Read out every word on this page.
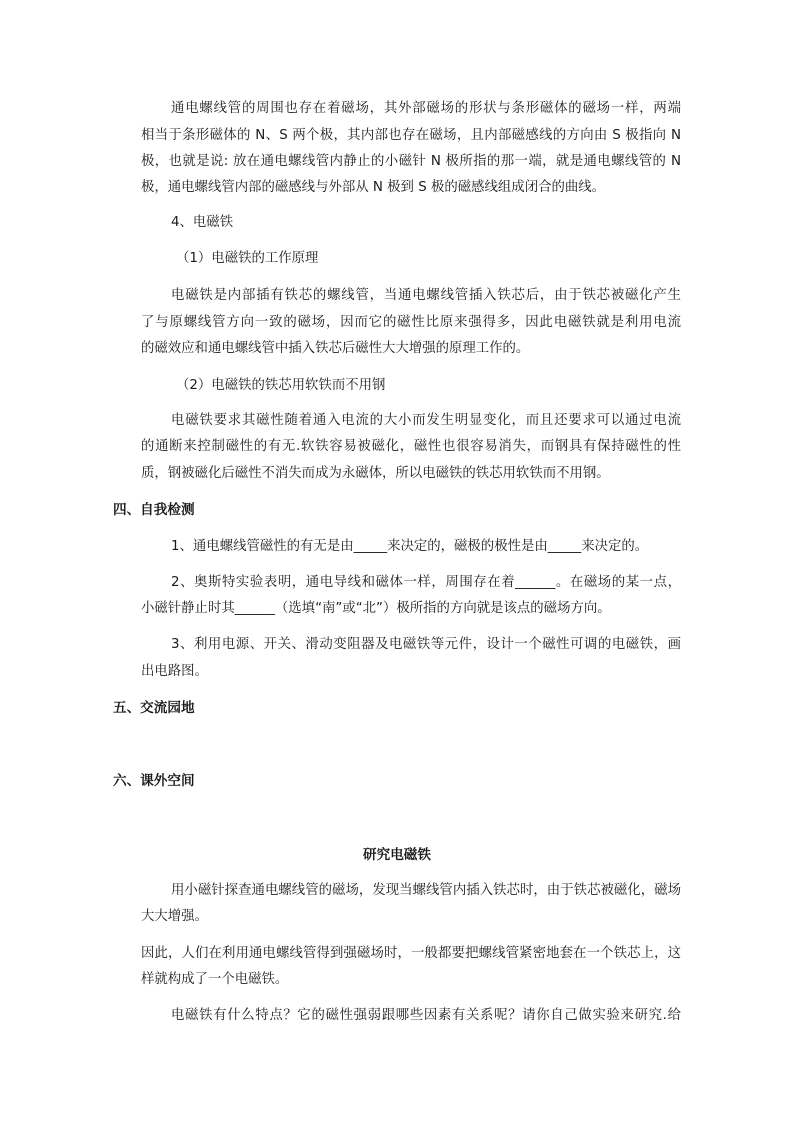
通电螺线管的周围也存在着磁场，其外部磁场的形状与条形磁体的磁场一样，两端
相当于条形磁体的 N、S 两个极，其内部也存在磁场，且内部磁感线的方向由 S 极指向 N
极，也就是说: 放在通电螺线管内静止的小磁针 N 极所指的那一端，就是通电螺线管的 N
极，通电螺线管内部的磁感线与外部从 N 极到 S 极的磁感线组成闭合的曲线。
4、电磁铁
（1）电磁铁的工作原理
电磁铁是内部插有铁芯的螺线管，当通电螺线管插入铁芯后，由于铁芯被磁化产生
了与原螺线管方向一致的磁场，因而它的磁性比原来强得多，因此电磁铁就是利用电流
的磁效应和通电螺线管中插入铁芯后磁性大大增强的原理工作的。
（2）电磁铁的铁芯用软铁而不用钢
电磁铁要求其磁性随着通入电流的大小而发生明显变化，而且还要求可以通过电流
的通断来控制磁性的有无.软铁容易被磁化，磁性也很容易消失，而钢具有保持磁性的性
质，钢被磁化后磁性不消失而成为永磁体，所以电磁铁的铁芯用软铁而不用钢。
四、自我检测
1、通电螺线管磁性的有无是由_____来决定的，磁极的极性是由_____来决定的。
2、奥斯特实验表明，通电导线和磁体一样，周围存在着______。在磁场的某一点，
小磁针静止时其______（选填“南”或“北”）极所指的方向就是该点的磁场方向。
3、利用电源、开关、滑动变阻器及电磁铁等元件，设计一个磁性可调的电磁铁，画
出电路图。
五、交流园地
六、课外空间
研究电磁铁
用小磁针探查通电螺线管的磁场，发现当螺线管内插入铁芯时，由于铁芯被磁化，磁场
大大增强。
因此，人们在利用通电螺线管得到强磁场时，一般都要把螺线管紧密地套在一个铁芯上，这
样就构成了一个电磁铁。
电磁铁有什么特点？它的磁性强弱跟哪些因素有关系呢？请你自己做实验来研究.给
